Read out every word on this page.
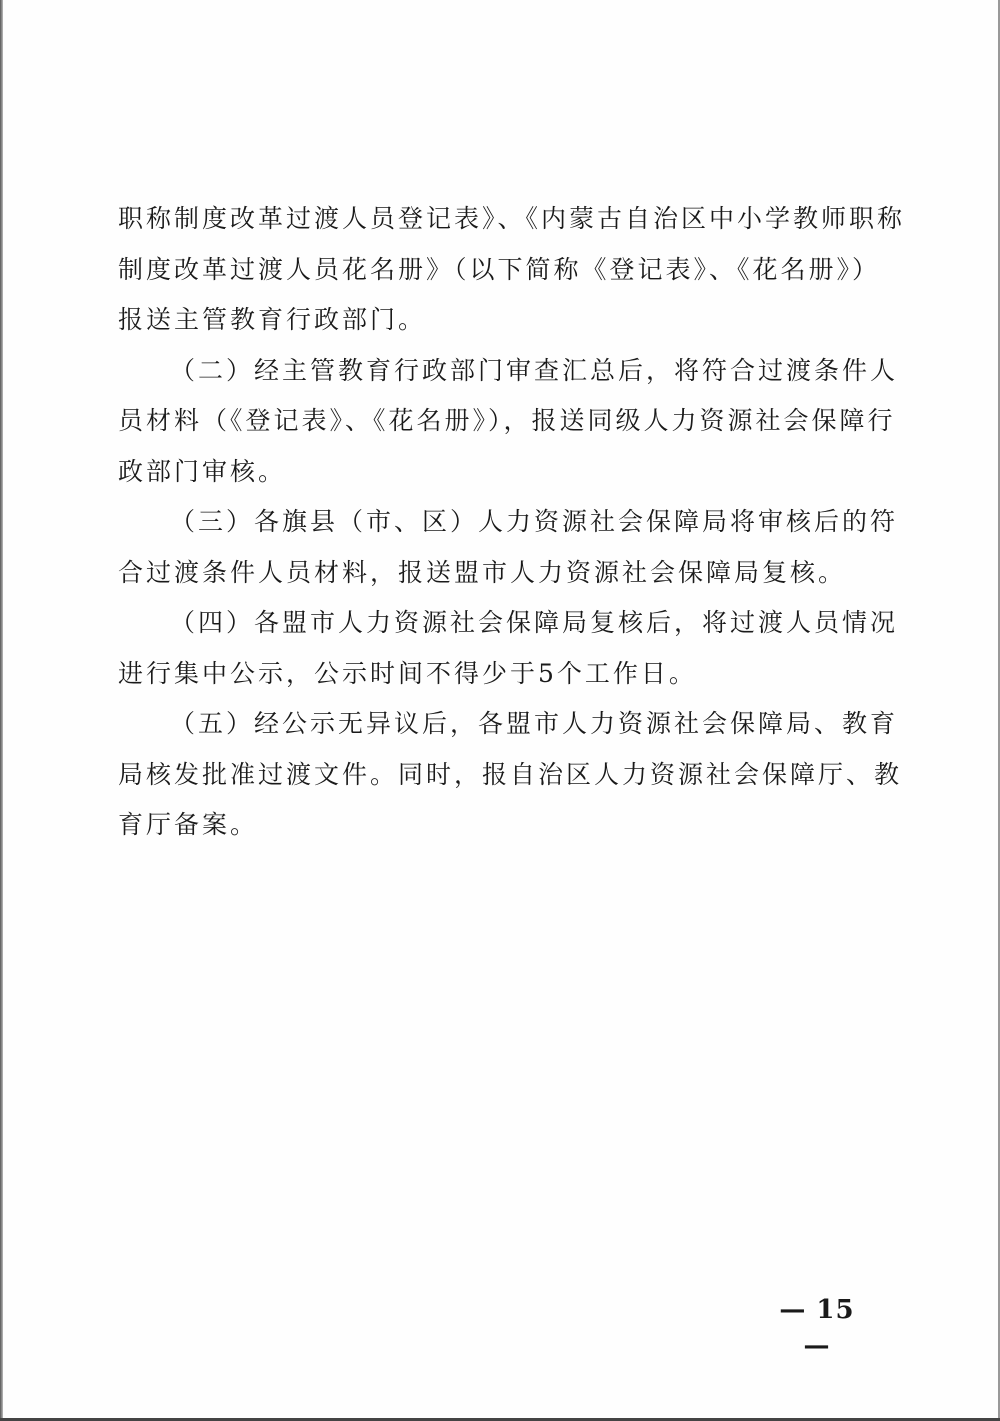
职称制度改革过渡人员登记表》、《内蒙古自治区中小学教师职称
制度改革过渡人员花名册》（以下简称《登记表》、《花名册》）
报送主管教育行政部门。
（二）经主管教育行政部门审查汇总后，将符合过渡条件人
员材料（《登记表》、《花名册》），报送同级人力资源社会保障行
政部门审核。
（三）各旗县（市、区）人力资源社会保障局将审核后的符
合过渡条件人员材料，报送盟市人力资源社会保障局复核。
（四）各盟市人力资源社会保障局复核后，将过渡人员情况
进行集中公示，公示时间不得少于5个工作日。
（五）经公示无异议后，各盟市人力资源社会保障局、教育
局核发批准过渡文件。同时，报自治区人力资源社会保障厅、教
育厅备案。
— 15 —
